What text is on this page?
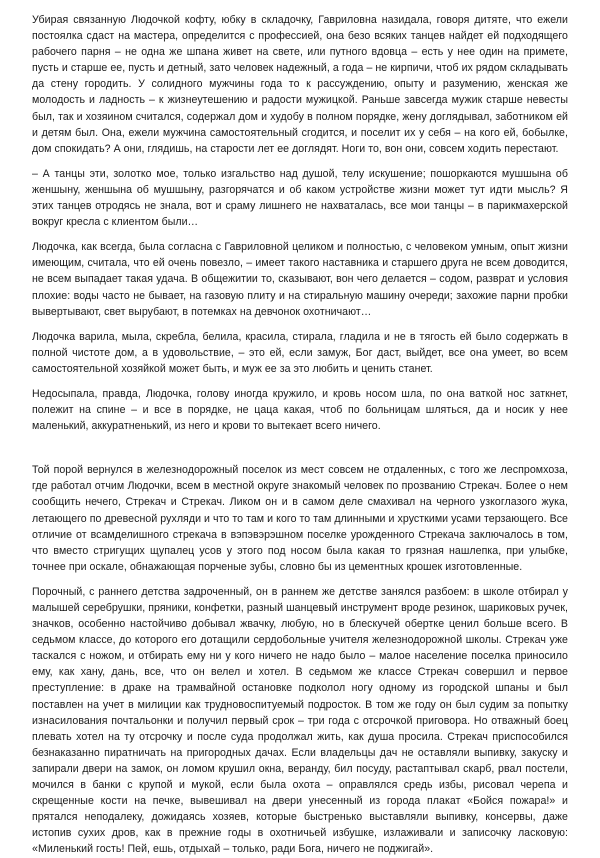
Убирая связанную Людочкой кофту, юбку в складочку, Гавриловна назидала, говоря дитяте, что ежели постоялка сдаст на мастера, определится с профессией, она безо всяких танцев найдет ей подходящего рабочего парня – не одна же шпана живет на свете, или путного вдовца – есть у нее один на примете, пусть и старше ее, пусть и детный, зато человек надежный, а года – не кирпичи, чтоб их рядом складывать да стену городить. У солидного мужчины года то к рассуждению, опыту и разумению, женская же молодость и ладность – к жизнеутешению и радости мужицкой. Раньше завсегда мужик старше невесты был, так и хозяином считался, содержал дом и худобу в полном порядке, жену доглядывал, заботником ей и детям был. Она, ежели мужчина самостоятельный сгодится, и поселит их у себя – на кого ей, бобылке, дом спокидать? А они, глядишь, на старости лет ее доглядят. Ноги то, вон они, совсем ходить перестают.

– А танцы эти, золотко мое, только изгальство над душой, телу искушение; пошоркаются мушшына об женшыну, женшына об мушшыну, разгорячатся и об каком устройстве жизни может тут идти мысль? Я этих танцев отродясь не знала, вот и сраму лишнего не нахваталась, все мои танцы – в парикмахерской вокруг кресла с клиентом были…

Людочка, как всегда, была согласна с Гавриловной целиком и полностью, с человеком умным, опыт жизни имеющим, считала, что ей очень повезло, – имеет такого наставника и старшего друга не всем доводится, не всем выпадает такая удача. В общежитии то, сказывают, вон чего делается – содом, разврат и условия плохие: воды часто не бывает, на газовую плиту и на стиральную машину очереди; захожие парни пробки вывертывают, свет вырубают, в потемках на девчонок охотничают…

Людочка варила, мыла, скребла, белила, красила, стирала, гладила и не в тягость ей было содержать в полной чистоте дом, а в удовольствие, – это ей, если замуж, Бог даст, выйдет, все она умеет, во всем самостоятельной хозяйкой может быть, и муж ее за это любить и ценить станет.

Недосыпала, правда, Людочка, голову иногда кружило, и кровь носом шла, по она ваткой нос заткнет, полежит на спине – и все в порядке, не цаца какая, чтоб по больницам шляться, да и носик у нее маленький, аккуратненький, из него и крови то вытекает всего ничего.

Той порой вернулся в железнодорожный поселок из мест совсем не отдаленных, с того же леспромхоза, где работал отчим Людочки, всем в местной округе знакомый человек по прозванию Стрекач. Более о нем сообщить нечего, Стрекач и Стрекач. Ликом он и в самом деле смахивал на черного узкоглазого жука, летающего по древесной рухляди и что то там и кого то там длинными и хрусткими усами терзающего. Все отличие от всамделишного стрекача в вэпэвэрэшном поселке урожденного Стрекача заключалось в том, что вместо стригущих щупалец усов у этого под носом была какая то грязная нашлепка, при улыбке, точнее при оскале, обнажающая порченые зубы, словно бы из цементных крошек изготовленные.

Порочный, с раннего детства задроченный, он в раннем же детстве занялся разбоем: в школе отбирал у малышей серебрушки, пряники, конфетки, разный шанцевый инструмент вроде резинок, шариковых ручек, значков, особенно настойчиво добывал жвачку, любую, но в блескучей обертке ценил больше всего. В седьмом классе, до которого его дотащили сердобольные учителя железнодорожной школы. Стрекач уже таскался с ножом, и отбирать ему ни у кого ничего не надо было – малое население поселка приносило ему, как хану, дань, все, что он велел и хотел. В седьмом же классе Стрекач совершил и первое преступление: в драке на трамвайной остановке подколол ногу одному из городской шпаны и был поставлен на учет в милиции как трудновоспитуемый подросток. В том же году он был судим за попытку изнасилования почтальонки и получил первый срок – три года с отсрочкой приговора. Но отважный боец плевать хотел на ту отсрочку и после суда продолжал жить, как душа просила. Стрекач приспособился безнаказанно пиратничать на пригородных дачах. Если владельцы дач не оставляли выпивку, закуску и запирали двери на замок, он ломом крушил окна, веранду, бил посуду, растаптывал скарб, рвал постели, мочился в банки с крупой и мукой, если была охота – оправлялся средь избы, рисовал черепа и скрещенные кости на печке, вывешивал на двери унесенный из города плакат «Бойся пожара!» и прятался неподалеку, дожидаясь хозяев, которые быстренько выставляли выпивку, консервы, даже истопив сухих дров, как в прежние годы в охотничьей избушке, излаживали и записочку ласковую: «Миленький гость! Пей, ешь, отдыхай – только, ради Бога, ничего не поджигай».
